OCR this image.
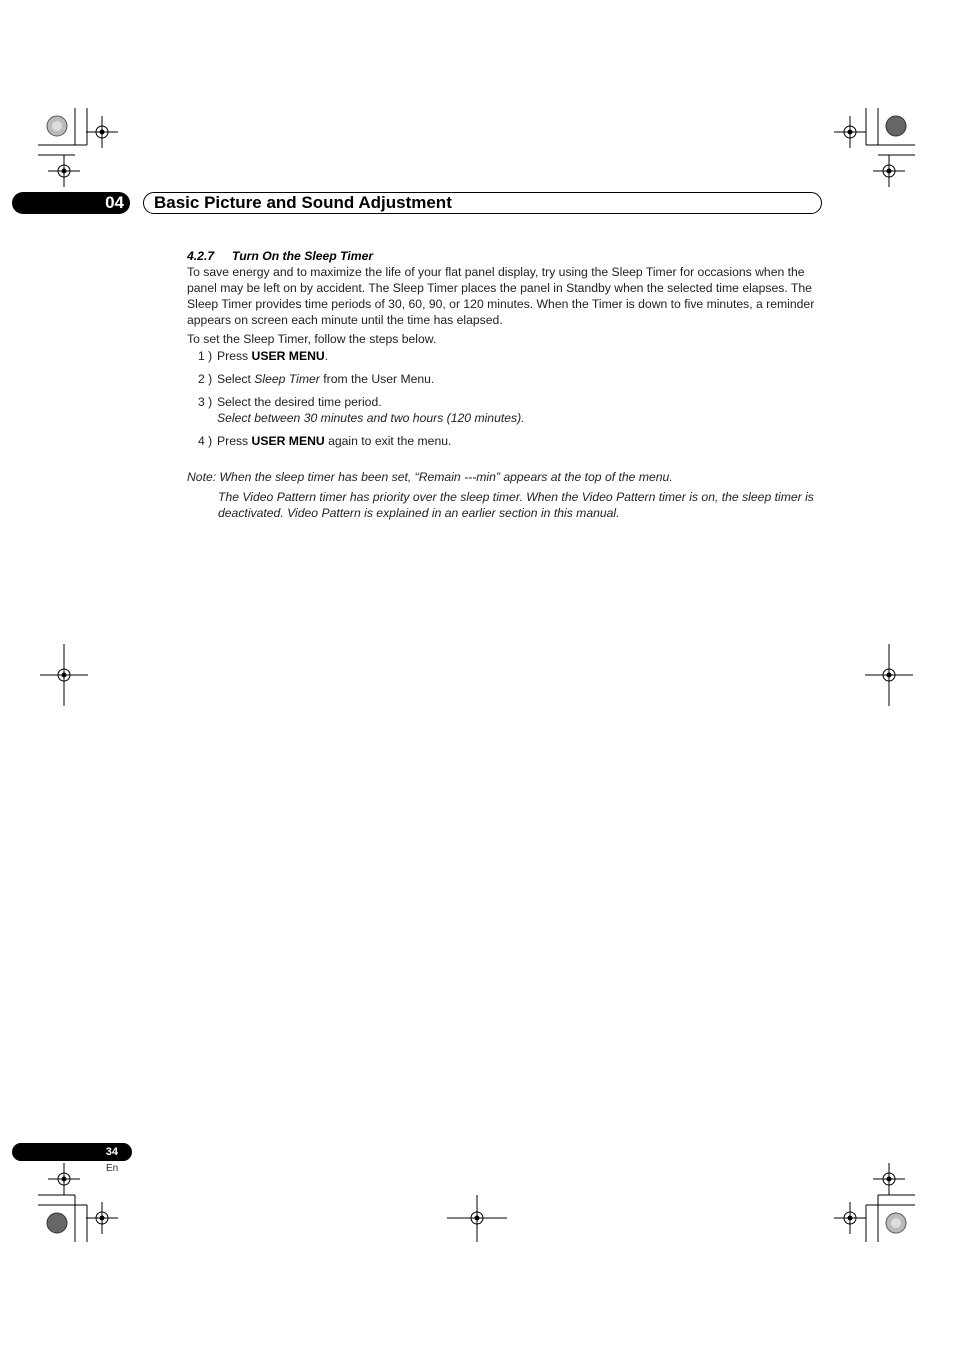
04	Basic Picture and Sound Adjustment
4.2.7 Turn On the Sleep Timer

To save energy and to maximize the life of your flat panel display, try using the Sleep Timer for occasions when the panel may be left on by accident. The Sleep Timer places the panel in Standby when the selected time elapses. The Sleep Timer provides time periods of 30, 60, 90, or 120 minutes. When the Timer is down to five minutes, a reminder appears on screen each minute until the time has elapsed.

To set the Sleep Timer, follow the steps below.

1 ) Press USER MENU.
2 ) Select Sleep Timer from the User Menu.
3 ) Select the desired time period.
Select between 30 minutes and two hours (120 minutes).
4 ) Press USER MENU again to exit the menu.

Note: When the sleep timer has been set, “Remain ---min” appears at the top of the menu.

The Video Pattern timer has priority over the sleep timer. When the Video Pattern timer is on, the sleep timer is deactivated. Video Pattern is explained in an earlier section in this manual.

34
En
